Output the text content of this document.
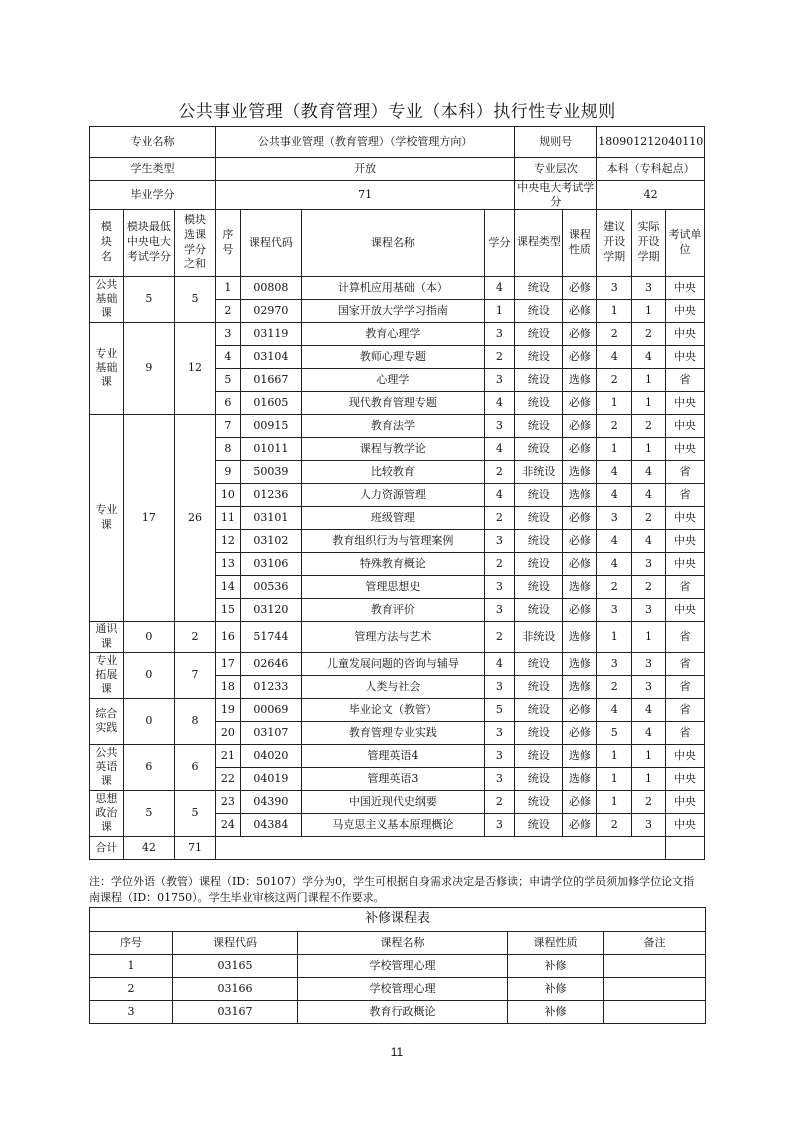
公共事业管理（教育管理）专业（本科）执行性专业规则
专业名称			公共事业管理（教育管理）（学校管理方向）				规则号		180901212040110		
学生类型			开放				专业层次		本科（专科起点）		
毕业学分			71				中央电大考试学分		42		
模块名	模块最低中央电大考试学分	模块选课学分之和	序号	课程代码	课程名称	学分	课程类型	课程性质	建议开设学期	实际开设学期	考试单位
公共基础课	5	5	1	00808	计算机应用基础（本）	4	统设	必修	3	3	中央
			2	02970	国家开放大学学习指南	1	统设	必修	1	1	中央
专业基础课	9	12	3	03119	教育心理学	3	统设	必修	2	2	中央
			4	03104	教师心理专题	2	统设	必修	4	4	中央
			5	01667	心理学	3	统设	选修	2	1	省
			6	01605	现代教育管理专题	4	统设	必修	1	1	中央
专业课	17	26	7	00915	教育法学	3	统设	必修	2	2	中央
			8	01011	课程与教学论	4	统设	必修	1	1	中央
			9	50039	比较教育	2	非统设	选修	4	4	省
			10	01236	人力资源管理	4	统设	选修	4	4	省
			11	03101	班级管理	2	统设	必修	3	2	中央
			12	03102	教育组织行为与管理案例	3	统设	必修	4	4	中央
			13	03106	特殊教育概论	2	统设	必修	4	3	中央
			14	00536	管理思想史	3	统设	选修	2	2	省
			15	03120	教育评价	3	统设	必修	3	3	中央
通识课	0	2	16	51744	管理方法与艺术	2	非统设	选修	1	1	省
专业拓展课	0	7	17	02646	儿童发展问题的咨询与辅导	4	统设	选修	3	3	省
			18	01233	人类与社会	3	统设	选修	2	3	省
综合实践	0	8	19	00069	毕业论文（教管）	5	统设	必修	4	4	省
			20	03107	教育管理专业实践	3	统设	必修	5	4	省
公共英语课	6	6	21	04020	管理英语4	3	统设	选修	1	1	中央
			22	04019	管理英语3	3	统设	选修	1	1	中央
思想政治课	5	5	23	04390	中国近现代史纲要	2	统设	必修	1	2	中央
			24	04384	马克思主义基本原理概论	3	统设	必修	2	3	中央
合计	42	71									
注：学位外语（教管）课程（ID：50107）学分为0，学生可根据自身需求决定是否修读；申请学位的学员须加修学位论文指南课程（ID：01750）。学生毕业审核这两门课程不作要求。
补修课程表				
序号	课程代码	课程名称	课程性质	备注
1	03165	学校管理心理	补修	
2	03166	学校管理心理	补修	
3	03167	教育行政概论	补修	
11
